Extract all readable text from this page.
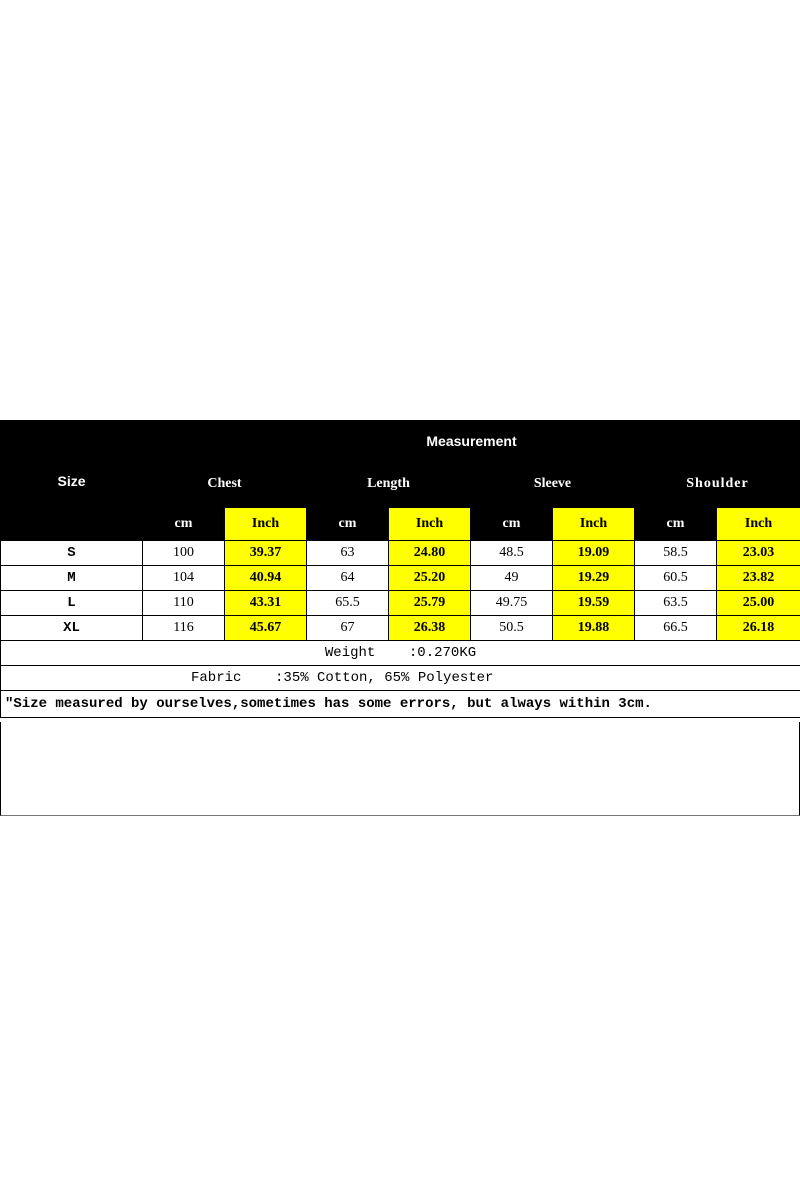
Size	Measurement							
	Chest		Length		Sleeve		Shoulder	
	cm	Inch	cm	Inch	cm	Inch	cm	Inch
S	100	39.37	63	24.80	48.5	19.09	58.5	23.03
M	104	40.94	64	25.20	49	19.29	60.5	23.82
L	110	43.31	65.5	25.79	49.75	19.59	63.5	25.00
XL	116	45.67	67	26.38	50.5	19.88	66.5	26.18
Weight    :0.270KG								
Fabric    :35% Cotton, 65% Polyester								
"Size measured by ourselves,sometimes has some errors, but always within 3cm.								
